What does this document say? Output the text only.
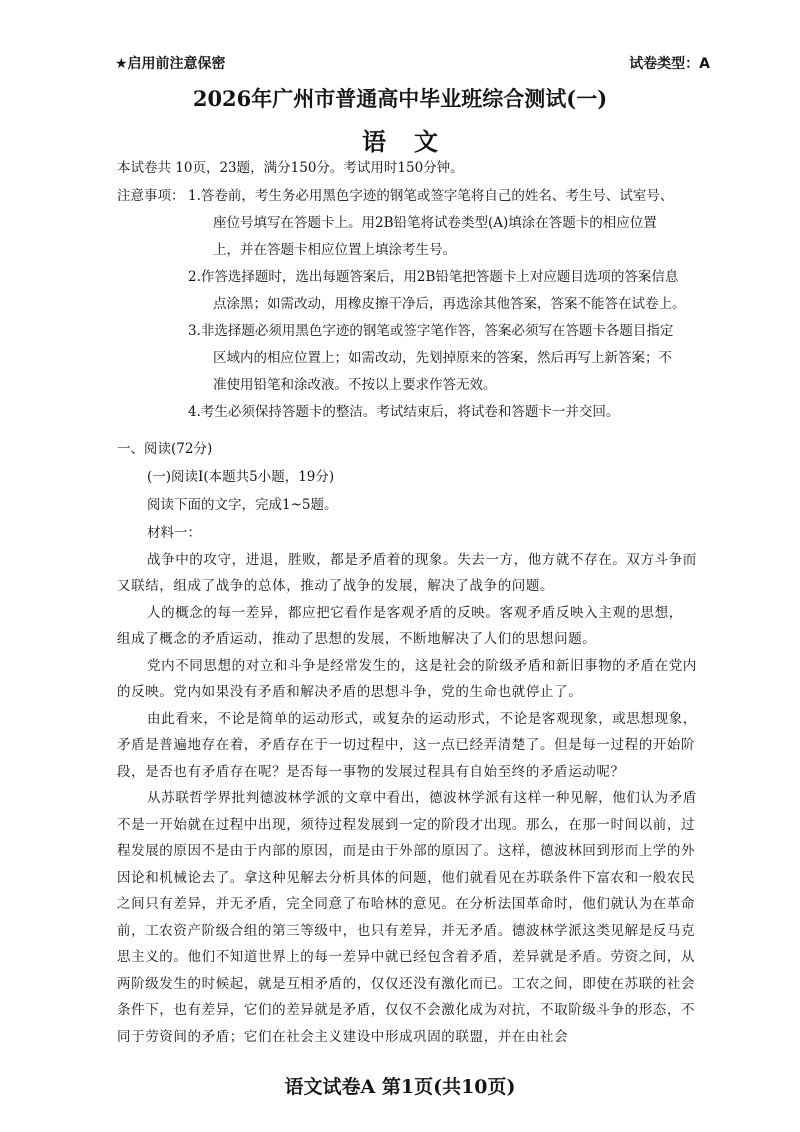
★启用前注意保密	试卷类型：A
2026年广州市普通高中毕业班综合测试(一)
语文
本试卷共 10页，23题，满分150分。考试用时150分钟。
注意事项： 1.答卷前，考生务必用黑色字迹的钢笔或签字笔将自己的姓名、考生号、试室号、
座位号填写在答题卡上。用2B铅笔将试卷类型(A)填涂在答题卡的相应位置
上，并在答题卡相应位置上填涂考生号。
2.作答选择题时，选出每题答案后，用2B铅笔把答题卡上对应题目选项的答案信息
点涂黑；如需改动，用橡皮擦干净后，再选涂其他答案，答案不能答在试卷上。
3.非选择题必须用黑色字迹的钢笔或签字笔作答，答案必须写在答题卡各题目指定
区域内的相应位置上；如需改动，先划掉原来的答案，然后再写上新答案；不
准使用铅笔和涂改液。不按以上要求作答无效。
4.考生必须保持答题卡的整洁。考试结束后，将试卷和答题卡一并交回。
一、阅读(72分)
(一)阅读Ⅰ(本题共5小题，19分)
阅读下面的文字，完成1~5题。
材料一：
战争中的攻守，进退，胜败，都是矛盾着的现象。失去一方，他方就不存在。双方斗争而
又联结，组成了战争的总体，推动了战争的发展，解决了战争的问题。
人的概念的每一差异，都应把它看作是客观矛盾的反映。客观矛盾反映入主观的思想，
组成了概念的矛盾运动，推动了思想的发展，不断地解决了人们的思想问题。
党内不同思想的对立和斗争是经常发生的，这是社会的阶级矛盾和新旧事物的矛盾在党内
的反映。党内如果没有矛盾和解决矛盾的思想斗争，党的生命也就停止了。
由此看来，不论是简单的运动形式，或复杂的运动形式，不论是客观现象，或思想现象，
矛盾是普遍地存在着，矛盾存在于一切过程中，这一点已经弄清楚了。但是每一过程的开始阶
段，是否也有矛盾存在呢？是否每一事物的发展过程具有自始至终的矛盾运动呢？
从苏联哲学界批判德波林学派的文章中看出，德波林学派有这样一种见解，他们认为矛盾
不是一开始就在过程中出现，须待过程发展到一定的阶段才出现。那么，在那一时间以前，过
程发展的原因不是由于内部的原因，而是由于外部的原因了。这样，德波林回到形而上学的外
因论和机械论去了。拿这种见解去分析具体的问题，他们就看见在苏联条件下富农和一般农民
之间只有差异，并无矛盾，完全同意了布哈林的意见。在分析法国革命时，他们就认为在革命
前，工农资产阶级合组的第三等级中，也只有差异，并无矛盾。德波林学派这类见解是反马克
思主义的。他们不知道世界上的每一差异中就已经包含着矛盾，差异就是矛盾。劳资之间，从
两阶级发生的时候起，就是互相矛盾的，仅仅还没有激化而已。工农之间，即使在苏联的社会
条件下，也有差异，它们的差异就是矛盾，仅仅不会激化成为对抗，不取阶级斗争的形态，不
同于劳资间的矛盾；它们在社会主义建设中形成巩固的联盟，并在由社会
语文试卷A 第1页(共10页)
